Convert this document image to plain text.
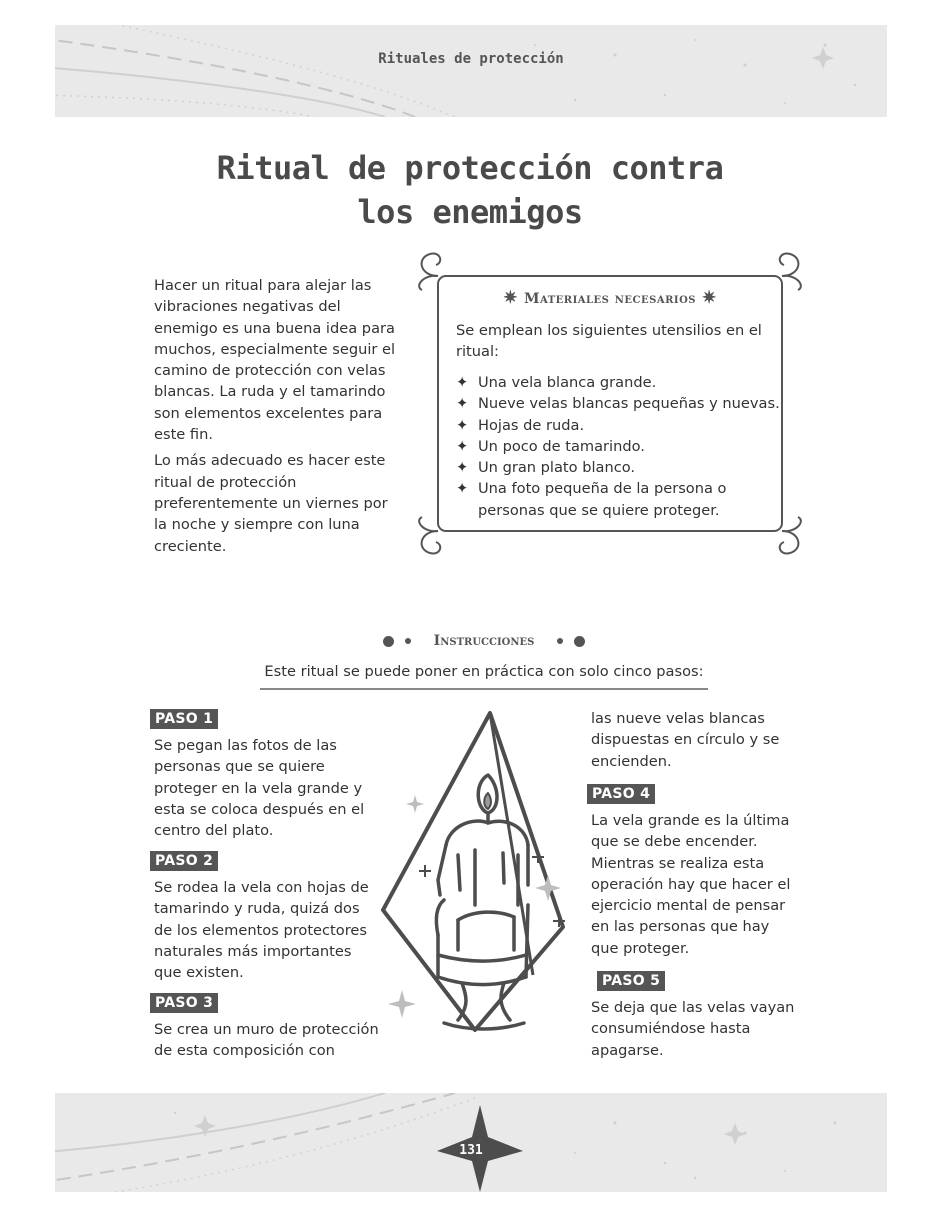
Rituales de protección
Ritual de protección contra
los enemigos

Hacer un ritual para alejar las vibraciones negativas del enemigo es una buena idea para muchos, especialmente seguir el camino de protección con velas blancas. La ruda y el tamarindo son elementos excelentes para este fin.

Lo más adecuado es hacer este ritual de protección preferentemente un viernes por la noche y siempre con luna creciente.

✷ Materiales necesarios ✷
Se emplean los siguientes utensilios en el ritual:
✦ Una vela blanca grande.
✦ Nueve velas blancas pequeñas y nuevas.
✦ Hojas de ruda.
✦ Un poco de tamarindo.
✦ Un gran plato blanco.
✦ Una foto pequeña de la persona o personas que se quiere proteger.
Instrucciones
Este ritual se puede poner en práctica con solo cinco pasos:
PASO 1

Se pegan las fotos de las personas que se quiere proteger en la vela grande y esta se coloca después en el centro del plato.

PASO 2

Se rodea la vela con hojas de tamarindo y ruda, quizá dos de los elementos protectores naturales más importantes que existen.

PASO 3

Se crea un muro de protección de esta composición con

las nueve velas blancas dispuestas en círculo y se encienden.

PASO 4

La vela grande es la última que se debe encender. Mientras se realiza esta operación hay que hacer el ejercicio mental de pensar en las personas que hay que proteger.

PASO 5

Se deja que las velas vayan consumiéndose hasta apagarse.

131
